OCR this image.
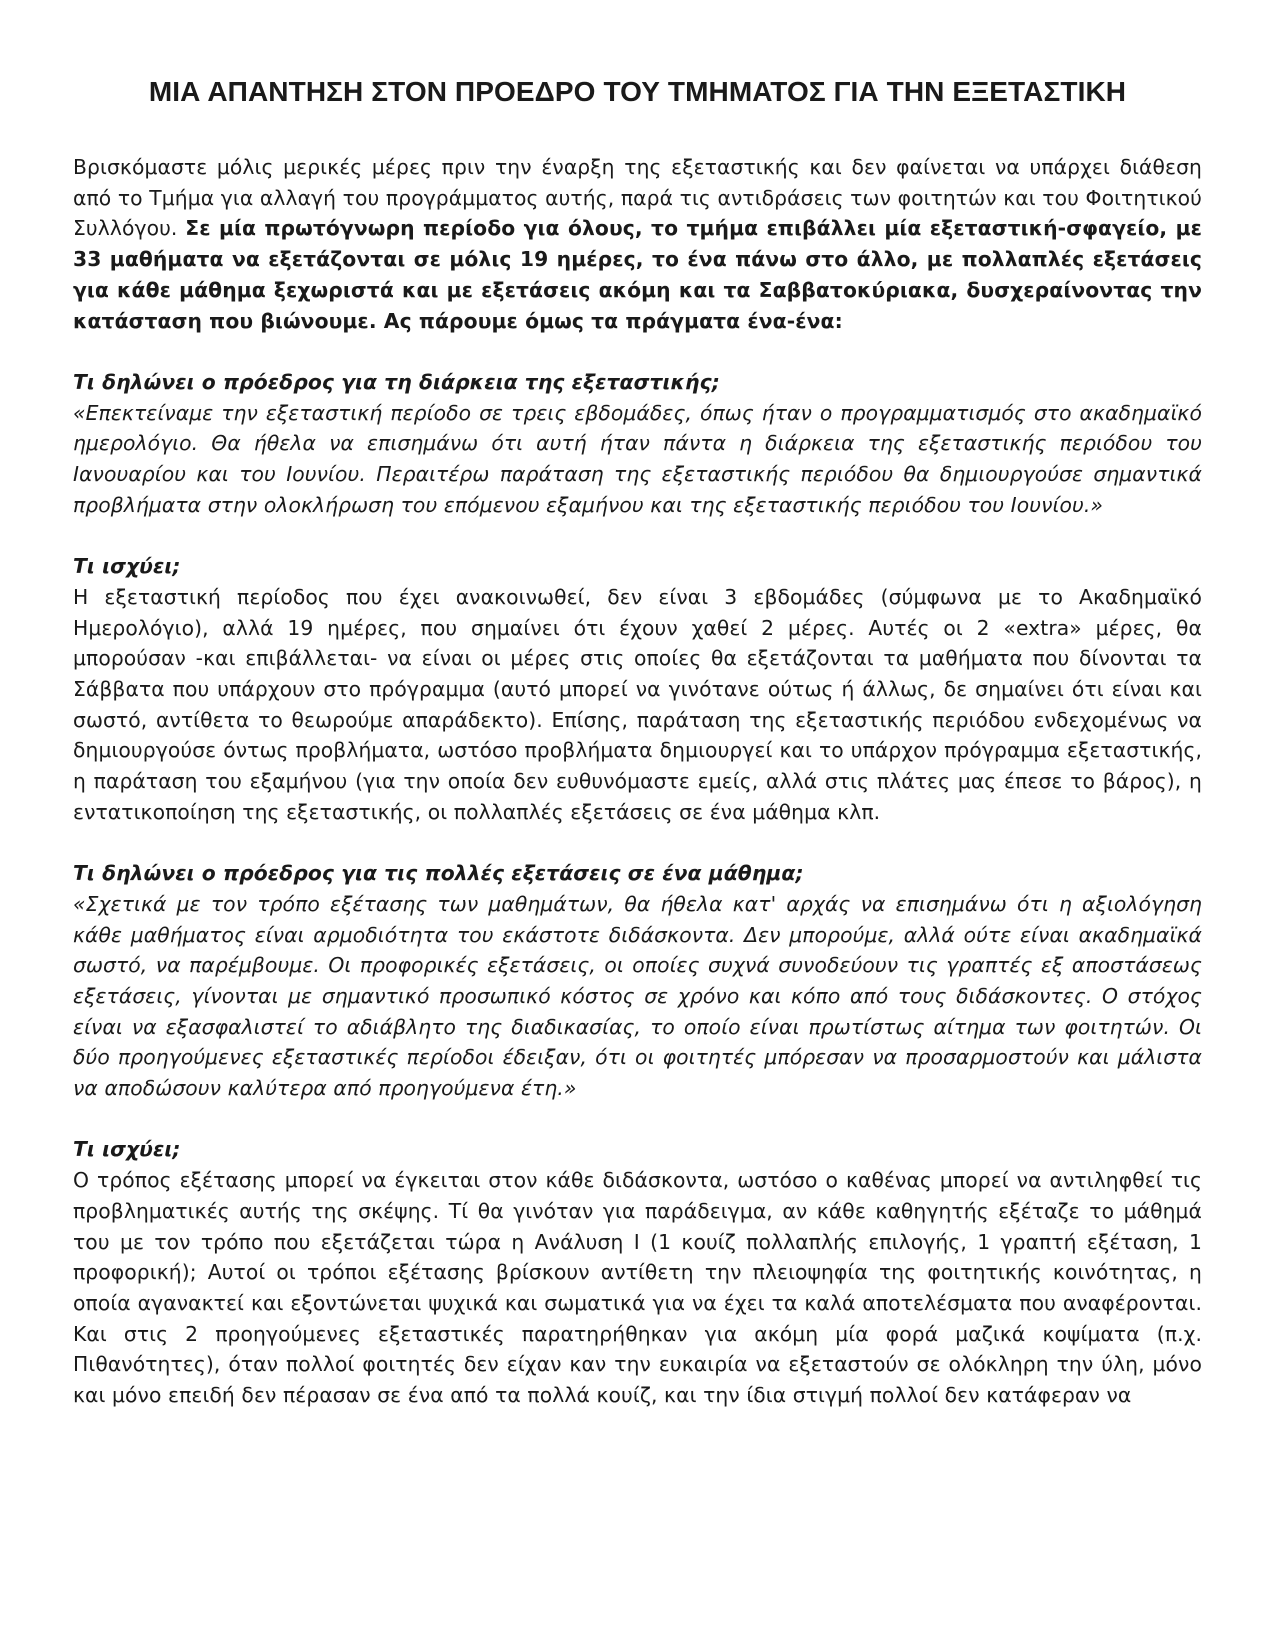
ΜΙΑ ΑΠΑΝΤΗΣΗ ΣΤΟΝ ΠΡΟΕΔΡΟ ΤΟΥ ΤΜΗΜΑΤΟΣ ΓΙΑ ΤΗΝ ΕΞΕΤΑΣΤΙΚΗ

Βρισκόμαστε μόλις μερικές μέρες πριν την έναρξη της εξεταστικής και δεν φαίνεται να υπάρχει διάθεση από το Τμήμα για αλλαγή του προγράμματος αυτής, παρά τις αντιδράσεις των φοιτητών και του Φοιτητικού Συλλόγου. Σε μία πρωτόγνωρη περίοδο για όλους, το τμήμα επιβάλλει μία εξεταστική-σφαγείο, με 33 μαθήματα να εξετάζονται σε μόλις 19 ημέρες, το ένα πάνω στο άλλο, με πολλαπλές εξετάσεις για κάθε μάθημα ξεχωριστά και με εξετάσεις ακόμη και τα Σαββατοκύριακα, δυσχεραίνοντας την κατάσταση που βιώνουμε. Ας πάρουμε όμως τα πράγματα ένα-ένα:

Τι δηλώνει ο πρόεδρος για τη διάρκεια της εξεταστικής;

«Επεκτείναμε την εξεταστική περίοδο σε τρεις εβδομάδες, όπως ήταν ο προγραμματισμός στο ακαδημαϊκό ημερολόγιο. Θα ήθελα να επισημάνω ότι αυτή ήταν πάντα η διάρκεια της εξεταστικής περιόδου του Ιανουαρίου και του Ιουνίου. Περαιτέρω παράταση της εξεταστικής περιόδου θα δημιουργούσε σημαντικά προβλήματα στην ολοκλήρωση του επόμενου εξαμήνου και της εξεταστικής περιόδου του Ιουνίου.»

Τι ισχύει;

Η εξεταστική περίοδος που έχει ανακοινωθεί, δεν είναι 3 εβδομάδες (σύμφωνα με το Ακαδημαϊκό Ημερολόγιο), αλλά 19 ημέρες, που σημαίνει ότι έχουν χαθεί 2 μέρες. Αυτές οι 2 «extra» μέρες, θα μπορούσαν -και επιβάλλεται- να είναι οι μέρες στις οποίες θα εξετάζονται τα μαθήματα που δίνονται τα Σάββατα που υπάρχουν στο πρόγραμμα (αυτό μπορεί να γινότανε ούτως ή άλλως, δε σημαίνει ότι είναι και σωστό, αντίθετα το θεωρούμε απαράδεκτο). Επίσης, παράταση της εξεταστικής περιόδου ενδεχομένως να δημιουργούσε όντως προβλήματα, ωστόσο προβλήματα δημιουργεί και το υπάρχον πρόγραμμα εξεταστικής, η παράταση του εξαμήνου (για την οποία δεν ευθυνόμαστε εμείς, αλλά στις πλάτες μας έπεσε το βάρος), η εντατικοποίηση της εξεταστικής, οι πολλαπλές εξετάσεις σε ένα μάθημα κλπ.

Τι δηλώνει ο πρόεδρος για τις πολλές εξετάσεις σε ένα μάθημα;

«Σχετικά με τον τρόπο εξέτασης των μαθημάτων, θα ήθελα κατ' αρχάς να επισημάνω ότι η αξιολόγηση κάθε μαθήματος είναι αρμοδιότητα του εκάστοτε διδάσκοντα. Δεν μπορούμε, αλλά ούτε είναι ακαδημαϊκά σωστό, να παρέμβουμε. Οι προφορικές εξετάσεις, οι οποίες συχνά συνοδεύουν τις γραπτές εξ αποστάσεως εξετάσεις, γίνονται με σημαντικό προσωπικό κόστος σε χρόνο και κόπο από τους διδάσκοντες. Ο στόχος είναι να εξασφαλιστεί το αδιάβλητο της διαδικασίας, το οποίο είναι πρωτίστως αίτημα των φοιτητών. Οι δύο προηγούμενες εξεταστικές περίοδοι έδειξαν, ότι οι φοιτητές μπόρεσαν να προσαρμοστούν και μάλιστα να αποδώσουν καλύτερα από προηγούμενα έτη.»

Τι ισχύει;

Ο τρόπος εξέτασης μπορεί να έγκειται στον κάθε διδάσκοντα, ωστόσο ο καθένας μπορεί να αντιληφθεί τις προβληματικές αυτής της σκέψης. Τί θα γινόταν για παράδειγμα, αν κάθε καθηγητής εξέταζε το μάθημά του με τον τρόπο που εξετάζεται τώρα η Ανάλυση Ι (1 κουίζ πολλαπλής επιλογής, 1 γραπτή εξέταση, 1 προφορική); Αυτοί οι τρόποι εξέτασης βρίσκουν αντίθετη την πλειοψηφία της φοιτητικής κοινότητας, η οποία αγανακτεί και εξοντώνεται ψυχικά και σωματικά για να έχει τα καλά αποτελέσματα που αναφέρονται. Και στις 2 προηγούμενες εξεταστικές παρατηρήθηκαν για ακόμη μία φορά μαζικά κοψίματα (π.χ. Πιθανότητες), όταν πολλοί φοιτητές δεν είχαν καν την ευκαιρία να εξεταστούν σε ολόκληρη την ύλη, μόνο και μόνο επειδή δεν πέρασαν σε ένα από τα πολλά κουίζ, και την ίδια στιγμή πολλοί δεν κατάφεραν να
